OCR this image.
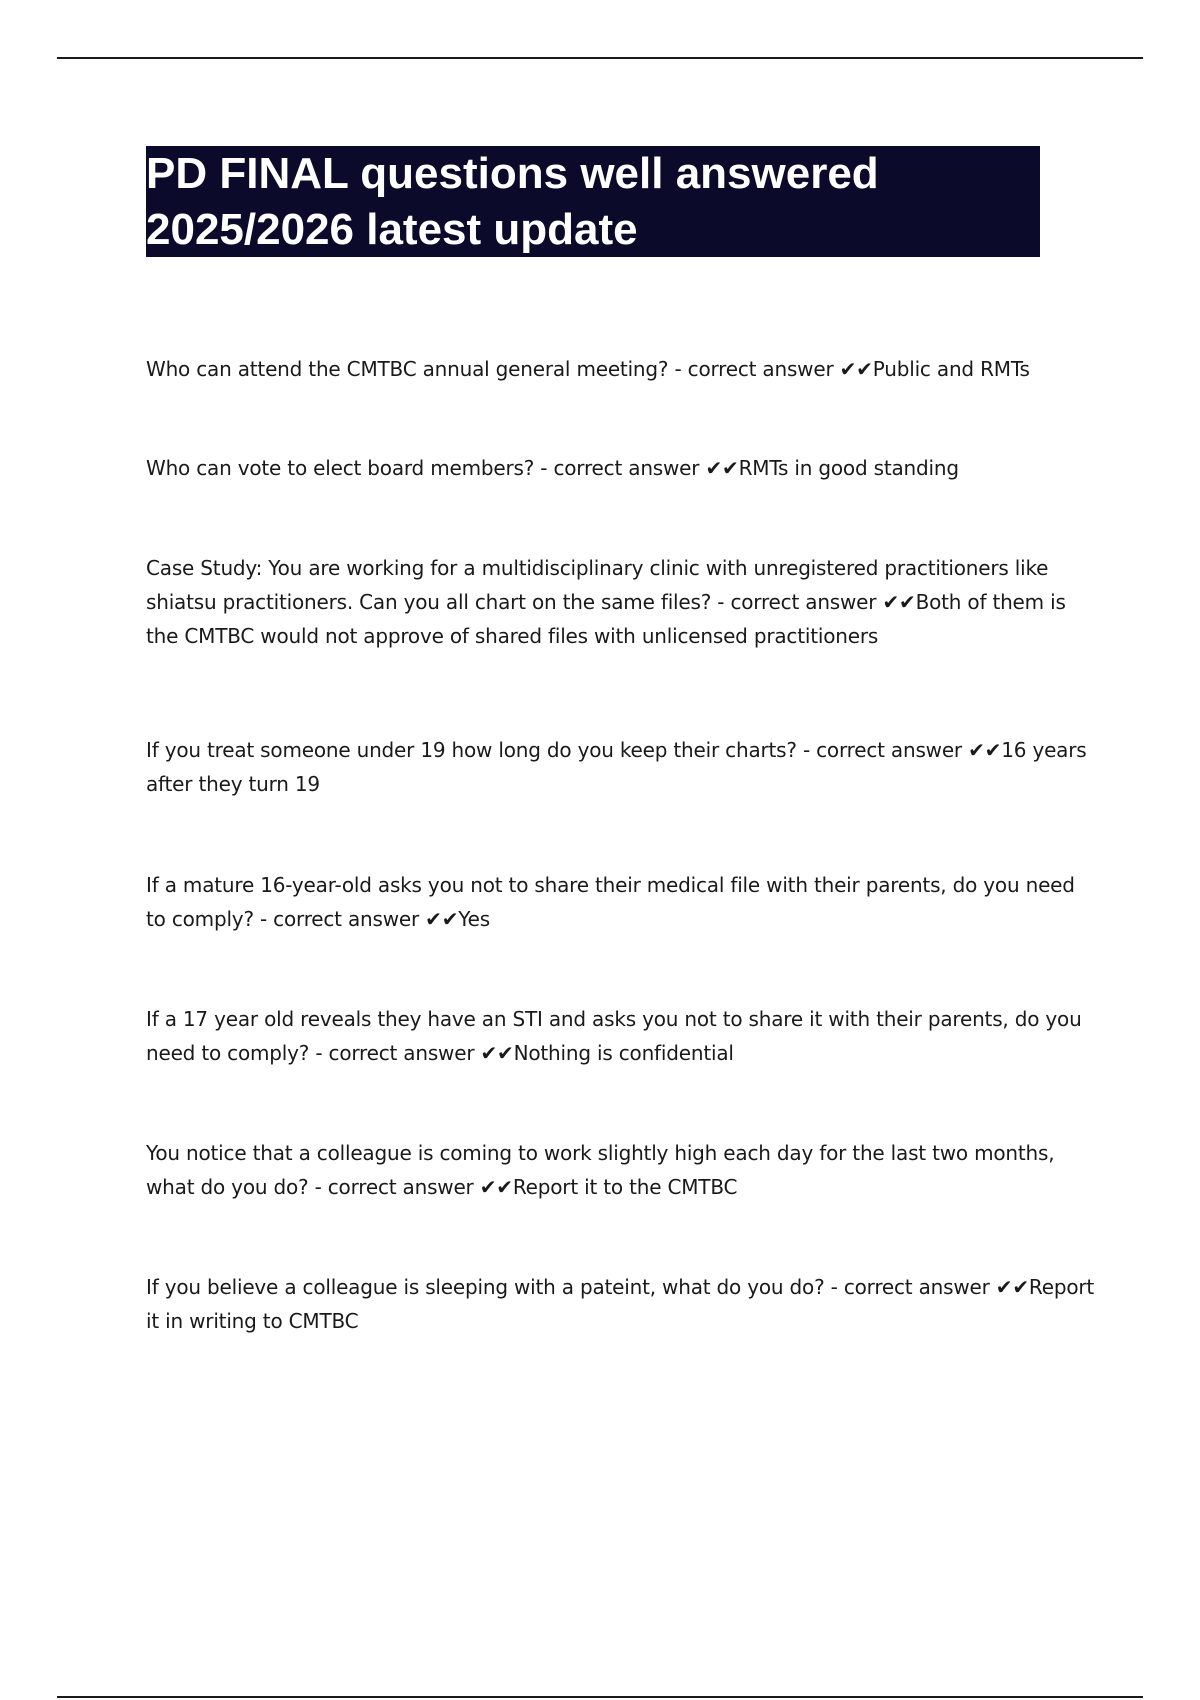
PD FINAL questions well answered
2025/2026 latest update
Who can attend the CMTBC annual general meeting? - correct answer ✔✔Public and RMTs
Who can vote to elect board members? - correct answer ✔✔RMTs in good standing
Case Study: You are working for a multidisciplinary clinic with unregistered practitioners like shiatsu practitioners. Can you all chart on the same files? - correct answer ✔✔Both of them is the CMTBC would not approve of shared files with unlicensed practitioners
If you treat someone under 19 how long do you keep their charts? - correct answer ✔✔16 years after they turn 19
If a mature 16-year-old asks you not to share their medical file with their parents, do you need to comply? - correct answer ✔✔Yes
If a 17 year old reveals they have an STI and asks you not to share it with their parents, do you need to comply? - correct answer ✔✔Nothing is confidential
You notice that a colleague is coming to work slightly high each day for the last two months, what do you do? - correct answer ✔✔Report it to the CMTBC
If you believe a colleague is sleeping with a pateint, what do you do? - correct answer ✔✔Report it in writing to CMTBC
